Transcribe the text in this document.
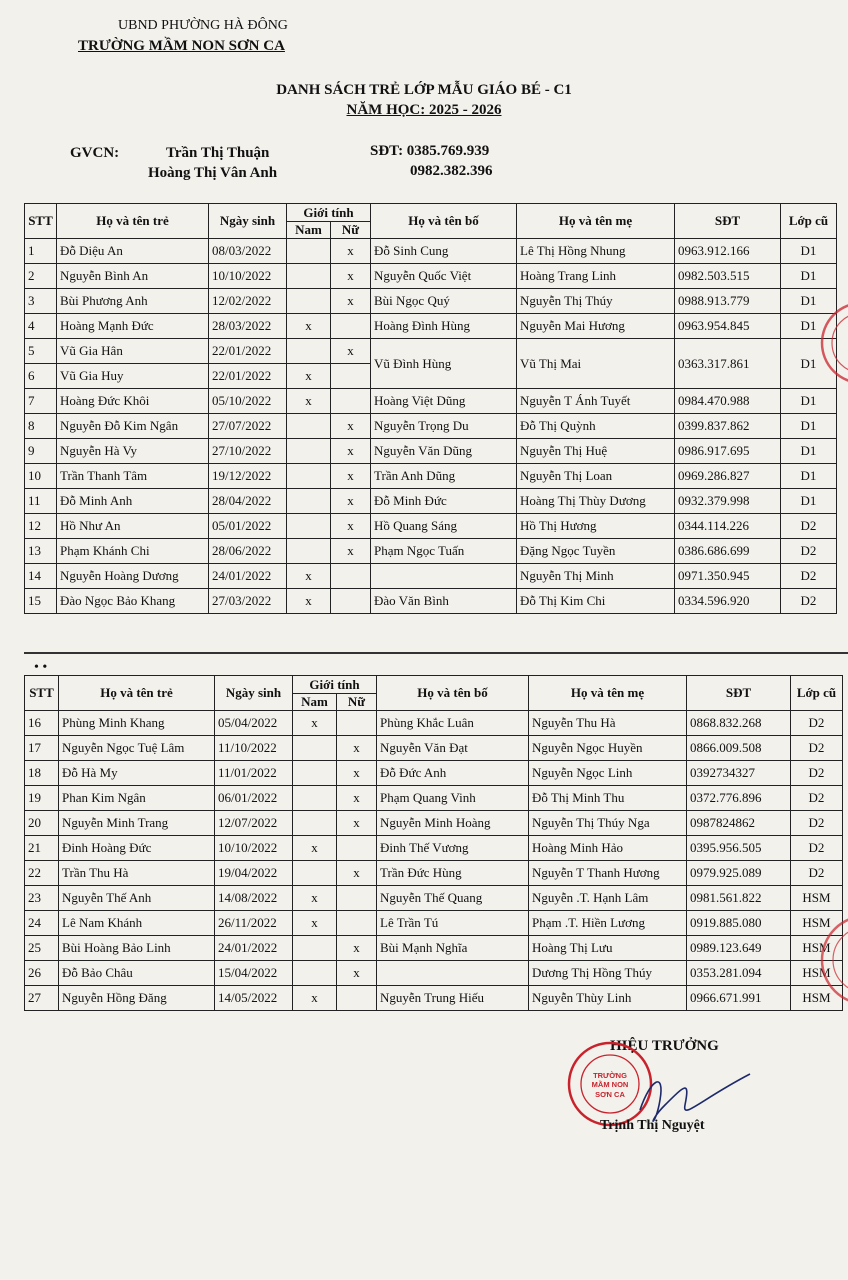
UBND PHƯỜNG HÀ ĐÔNG
TRƯỜNG MẦM NON SƠN CA
DANH SÁCH TRẺ LỚP MẪU GIÁO BÉ - C1
NĂM HỌC: 2025 - 2026
GVCN:	Trần Thị Thuận
Hoàng Thị Vân Anh
SĐT: 0385.769.939
0982.382.396
STT	Họ và tên trẻ	Ngày sinh	Giới tính		Họ và tên bố	Họ và tên mẹ	SĐT	Lớp cũ
			Nam	Nữ				
1	Đỗ Diệu An	08/03/2022		x	Đỗ Sinh Cung	Lê Thị Hồng Nhung	0963.912.166	D1
2	Nguyễn Bình An	10/10/2022		x	Nguyễn Quốc Việt	Hoàng Trang Linh	0982.503.515	D1
3	Bùi Phương Anh	12/02/2022		x	Bùi Ngọc Quý	Nguyễn Thị Thúy	0988.913.779	D1
4	Hoàng Mạnh Đức	28/03/2022	x		Hoàng Đình Hùng	Nguyễn Mai Hương	0963.954.845	D1
5	Vũ Gia Hân	22/01/2022		x	Vũ Đình Hùng	Vũ Thị Mai	0363.317.861	D1
6	Vũ Gia Huy	22/01/2022	x					
7	Hoàng Đức Khôi	05/10/2022	x		Hoàng Việt Dũng	Nguyễn T Ánh Tuyết	0984.470.988	D1
8	Nguyễn Đỗ Kim Ngân	27/07/2022		x	Nguyễn Trọng Du	Đỗ Thị Quỳnh	0399.837.862	D1
9	Nguyễn Hà Vy	27/10/2022		x	Nguyễn Văn Dũng	Nguyễn Thị Huệ	0986.917.695	D1
10	Trần Thanh Tâm	19/12/2022		x	Trần Anh Dũng	Nguyễn Thị Loan	0969.286.827	D1
11	Đỗ Minh Anh	28/04/2022		x	Đỗ Minh Đức	Hoàng Thị Thùy Dương	0932.379.998	D1
12	Hồ Như An	05/01/2022		x	Hồ Quang Sáng	Hồ Thị Hương	0344.114.226	D2
13	Phạm Khánh Chi	28/06/2022		x	Phạm Ngọc Tuấn	Đặng Ngọc Tuyền	0386.686.699	D2
14	Nguyễn Hoàng Dương	24/01/2022	x			Nguyễn Thị Minh	0971.350.945	D2
15	Đào Ngọc Bảo Khang	27/03/2022	x		Đào Văn Bình	Đỗ Thị Kim Chi	0334.596.920	D2
• •
STT	Họ và tên trẻ	Ngày sinh	Giới tính		Họ và tên bố	Họ và tên mẹ	SĐT	Lớp cũ
			Nam	Nữ				
16	Phùng Minh Khang	05/04/2022	x		Phùng Khắc Luân	Nguyễn Thu Hà	0868.832.268	D2
17	Nguyễn Ngọc Tuệ Lâm	11/10/2022		x	Nguyễn Văn Đạt	Nguyễn Ngọc Huyền	0866.009.508	D2
18	Đỗ Hà My	11/01/2022		x	Đỗ Đức Anh	Nguyễn Ngọc Linh	0392734327	D2
19	Phan Kim Ngân	06/01/2022		x	Phạm Quang Vinh	Đỗ Thị Minh Thu	0372.776.896	D2
20	Nguyễn Minh Trang	12/07/2022		x	Nguyễn Minh Hoàng	Nguyễn Thị Thúy Nga	0987824862	D2
21	Đinh Hoàng Đức	10/10/2022	x		Đinh Thế Vương	Hoàng Minh Hảo	0395.956.505	D2
22	Trần Thu Hà	19/04/2022		x	Trần Đức Hùng	Nguyễn T Thanh Hương	0979.925.089	D2
23	Nguyễn Thế Anh	14/08/2022	x		Nguyễn Thế Quang	Nguyễn .T. Hạnh Lâm	0981.561.822	HSM
24	Lê Nam Khánh	26/11/2022	x		Lê Trần Tú	Phạm .T. Hiền Lương	0919.885.080	HSM
25	Bùi Hoàng Bảo Linh	24/01/2022		x	Bùi Mạnh Nghĩa	Hoàng Thị Lưu	0989.123.649	HSM
26	Đỗ Bảo Châu	15/04/2022		x		Dương Thị Hồng Thúy	0353.281.094	HSM
27	Nguyễn Hồng Đăng	14/05/2022	x		Nguyễn Trung Hiếu	Nguyễn Thùy Linh	0966.671.991	HSM
HIỆU TRƯỞNG
TRƯỜNG
MẦM NON
SƠN CA
Trịnh Thị Nguyệt
